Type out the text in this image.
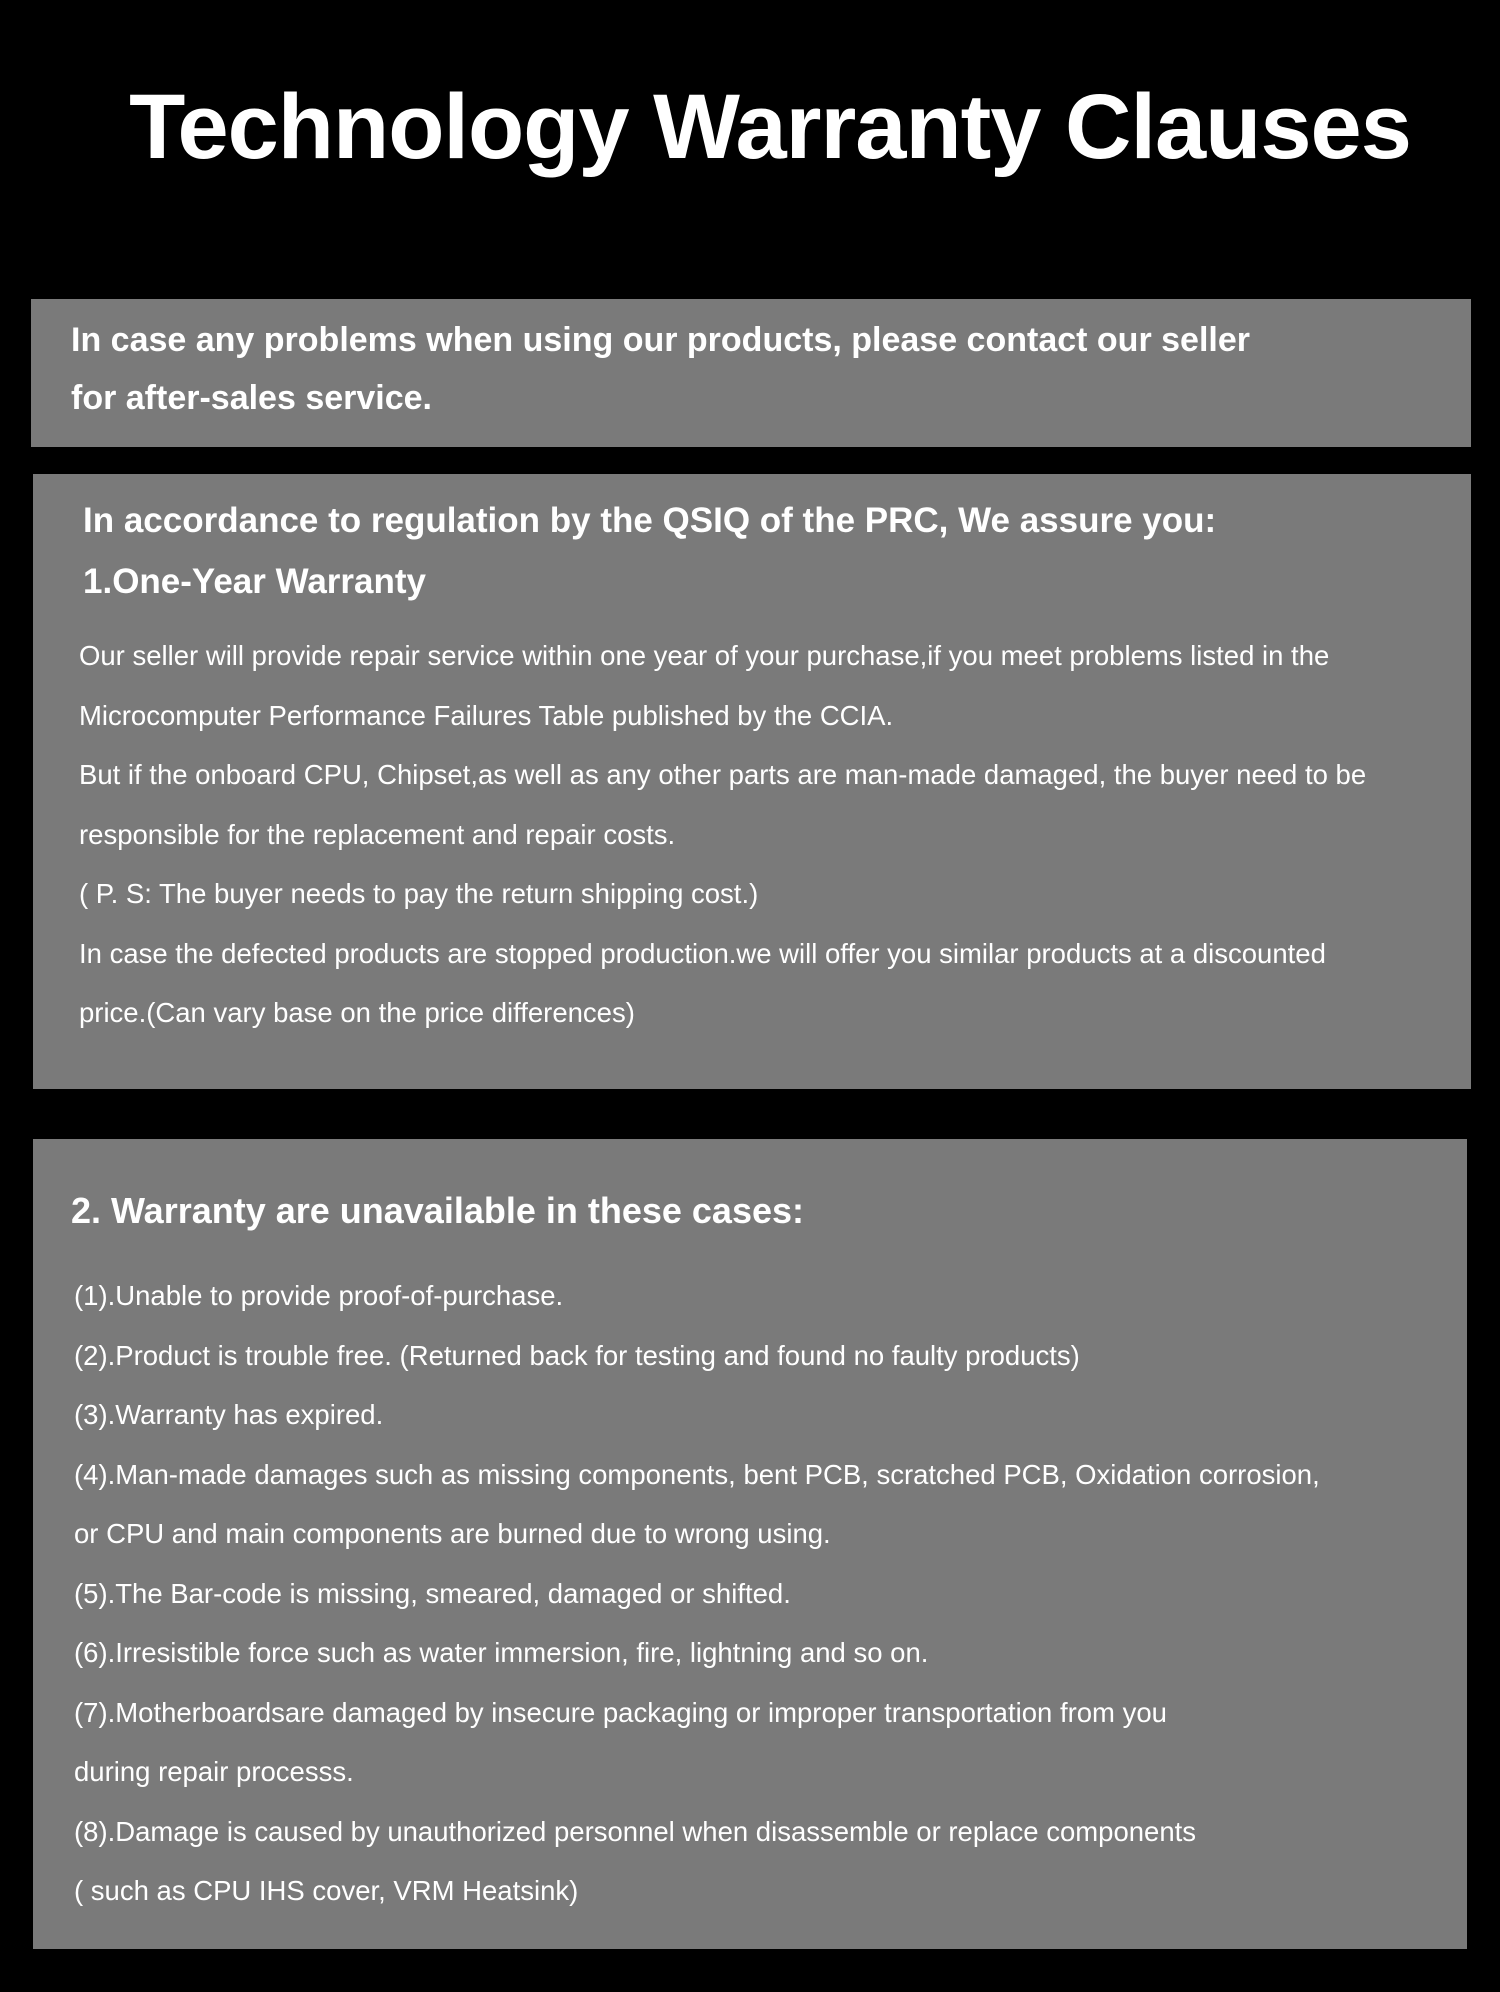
Technology Warranty Clauses

In case any problems when using our products, please contact our seller
for after-sales service.

In accordance to regulation by the QSIQ of the PRC, We assure you:
1.One-Year Warranty
Our seller will provide repair service within one year of your purchase,if you meet problems listed in the
Microcomputer Performance Failures Table published by the CCIA.
But if the onboard CPU, Chipset,as well as any other parts are man-made damaged, the buyer need to be
responsible for the replacement and repair costs.
( P. S: The buyer needs to pay the return shipping cost.)
In case the defected products are stopped production.we will offer you similar products at a discounted
price.(Can vary base on the price differences)
2. Warranty are unavailable in these cases:
(1).Unable to provide proof-of-purchase.
(2).Product is trouble free. (Returned back for testing and found no faulty products)
(3).Warranty has expired.
(4).Man-made damages such as missing components, bent PCB, scratched PCB, Oxidation corrosion,
or CPU and main components are burned due to wrong using.
(5).The Bar-code is missing, smeared, damaged or shifted.
(6).Irresistible force such as water immersion, fire, lightning and so on.
(7).Motherboardsare damaged by insecure packaging or improper transportation from you
during repair processs.
(8).Damage is caused by unauthorized personnel when disassemble or replace components
( such as CPU IHS cover, VRM Heatsink)
